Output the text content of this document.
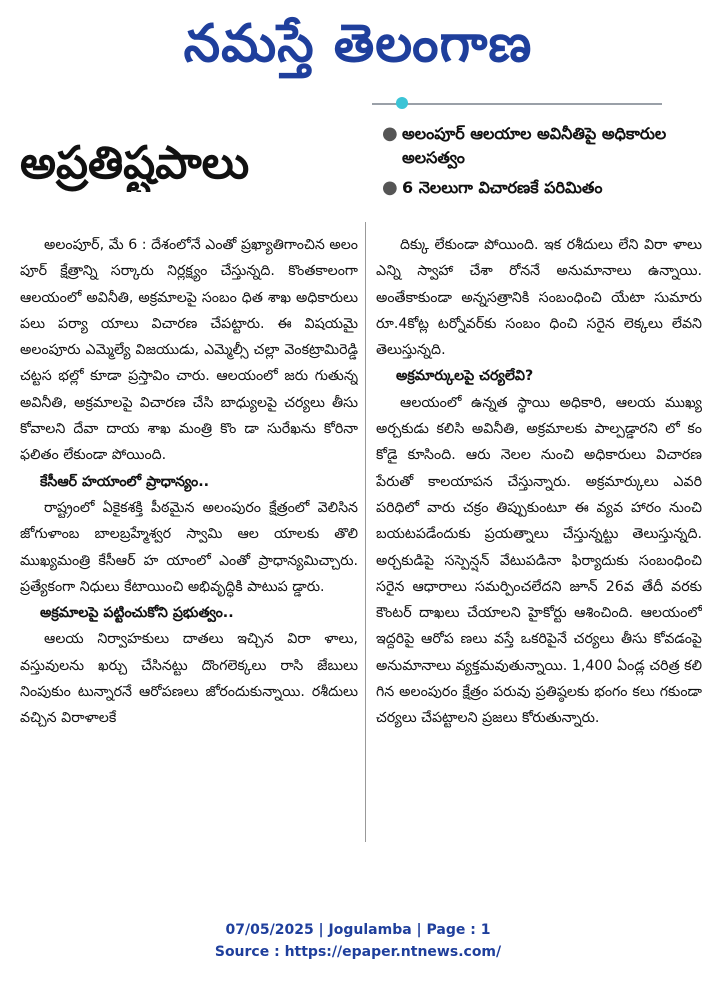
నమస్తే తెలంగాణ
అప్రతిష్టపాలు
● అలంపూర్ ఆలయాల అవినీతిపై అధికారుల అలసత్వం
● 6 నెలలుగా విచారణకే పరిమితం

అలంపూర్, మే 6 : దేశంలోనే ఎంతో ప్రఖ్యాతిగాంచిన అలం పూర్ క్షేత్రాన్ని సర్కారు నిర్లక్ష్యం చేస్తున్నది. కొంతకాలంగా ఆలయంలో అవినీతి, అక్రమాలపై సంబం ధిత శాఖ అధికారులు పలు పర్యా యాలు విచారణ చేపట్టారు. ఈ విషయమై అలంపూరు ఎమ్మెల్యే విజయుడు, ఎమ్మెల్సీ చల్లా వెంకట్రామిరెడ్డి చట్టస భల్లో కూడా ప్రస్తావిం చారు. ఆలయంలో జరు గుతున్న అవినీతి, అక్రమాలపై విచారణ చేసి బాధ్యులపై చర్యలు తీసు కోవాలని దేవా దాయ శాఖ మంత్రి కొం డా సురేఖను కోరినా ఫలితం లేకుండా పోయింది.

కేసీఆర్ హయాంలో ప్రాధాన్యం..

రాష్ట్రంలో ఏకైకశక్తి పీఠమైన అలంపురం క్షేత్రంలో వెలిసిన జోగుళాంబ బాలబ్రహ్మేశ్వర స్వామి ఆల యాలకు తొలి ముఖ్యమంత్రి కేసీఆర్ హ యాంలో ఎంతో ప్రాధాన్యమిచ్చారు. ప్రత్యేకంగా నిధులు కేటాయించి అభివృద్ధికి పాటుప డ్డారు.

అక్రమాలపై పట్టించుకోని ప్రభుత్వం..

ఆలయ నిర్వాహకులు దాతలు ఇచ్చిన విరా ళాలు, వస్తువులను ఖర్చు చేసినట్టు దొంగలెక్కలు రాసి జేబులు నింపుకుం టున్నారనే ఆరోపణలు జోరందుకున్నాయి. రశీదులు వచ్చిన విరాళాలకే

దిక్కు లేకుండా పోయింది. ఇక రశీదులు లేని విరా ళాలు ఎన్ని స్వాహా చేశా రోననే అనుమానాలు ఉన్నాయి. అంతేకాకుండా అన్నసత్రానికి సంబంధించి యేటా సుమారు రూ.4కోట్ల టర్నోవర్‌కు సంబం ధించి సరైన లెక్కలు లేవని తెలుస్తున్నది.

అక్రమార్కులపై చర్యలేవి?

ఆలయంలో ఉన్నత స్థాయి అధికారి, ఆలయ ముఖ్య అర్చకుడు కలిసి అవినీతి, అక్రమాలకు పాల్పడ్డారని లో కం కోడై కూసింది. ఆరు నెలల నుంచి అధికారులు విచారణ పేరుతో కాలయాపన చేస్తున్నారు. అక్రమార్కులు ఎవరి పరిధిలో వారు చక్రం తిప్పుకుంటూ ఈ వ్యవ హారం నుంచి బయటపడేందుకు ప్రయత్నాలు చేస్తున్నట్టు తెలుస్తున్నది. అర్చకుడిపై సస్పెన్షన్ వేటుపడినా ఫిర్యాదుకు సంబంధించి సరైన ఆధారాలు సమర్పించలేదని జూన్ 26వ తేదీ వరకు కౌంటర్ దాఖలు చేయాలని హైకోర్టు ఆశించింది. ఆలయంలో ఇద్దరిపై ఆరోప ణలు వస్తే ఒకరిపైనే చర్యలు తీసు కోవడంపై అనుమానాలు వ్యక్తమవుతున్నాయి. 1,400 ఏండ్ల చరిత్ర కలి గిన అలంపురం క్షేత్రం పరువు ప్రతిష్ఠలకు భంగం కలు గకుండా చర్యలు చేపట్టాలని ప్రజలు కోరుతున్నారు.

07/05/2025 | Jogulamba | Page : 1
Source : https://epaper.ntnews.com/
